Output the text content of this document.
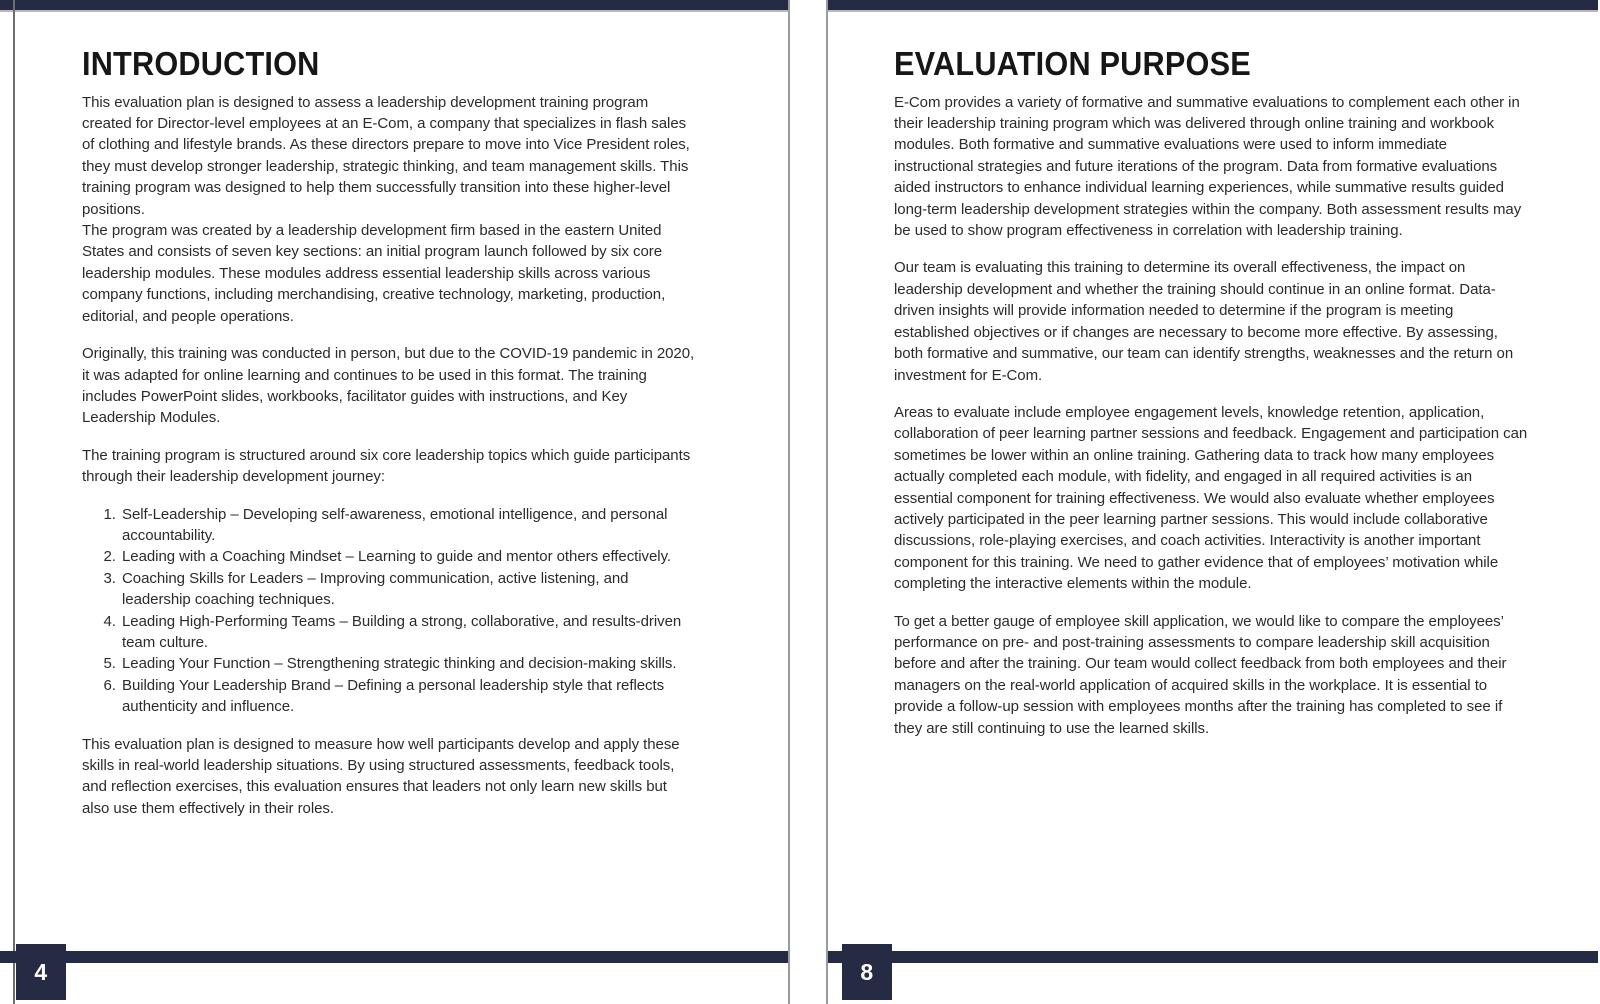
INTRODUCTION

This evaluation plan is designed to assess a leadership development training program created for Director-level employees at an E-Com, a company that specializes in flash sales of clothing and lifestyle brands. As these directors prepare to move into Vice President roles, they must develop stronger leadership, strategic thinking, and team management skills. This training program was designed to help them successfully transition into these higher-level positions.

The program was created by a leadership development firm based in the eastern United States and consists of seven key sections: an initial program launch followed by six core leadership modules. These modules address essential leadership skills across various company functions, including merchandising, creative technology, marketing, production, editorial, and people operations.

Originally, this training was conducted in person, but due to the COVID-19 pandemic in 2020, it was adapted for online learning and continues to be used in this format. The training includes PowerPoint slides, workbooks, facilitator guides with instructions, and Key Leadership Modules.

The training program is structured around six core leadership topics which guide participants through their leadership development journey:

1. Self-Leadership – Developing self-awareness, emotional intelligence, and personal accountability.
2. Leading with a Coaching Mindset – Learning to guide and mentor others effectively.
3. Coaching Skills for Leaders – Improving communication, active listening, and leadership coaching techniques.
4. Leading High-Performing Teams – Building a strong, collaborative, and results-driven team culture.
5. Leading Your Function – Strengthening strategic thinking and decision-making skills.
6. Building Your Leadership Brand – Defining a personal leadership style that reflects authenticity and influence.

This evaluation plan is designed to measure how well participants develop and apply these skills in real-world leadership situations. By using structured assessments, feedback tools, and reflection exercises, this evaluation ensures that leaders not only learn new skills but also use them effectively in their roles.

4
EVALUATION PURPOSE

E-Com provides a variety of formative and summative evaluations to complement each other in their leadership training program which was delivered through online training and workbook modules. Both formative and summative evaluations were used to inform immediate instructional strategies and future iterations of the program. Data from formative evaluations aided instructors to enhance individual learning experiences, while summative results guided long-term leadership development strategies within the company. Both assessment results may be used to show program effectiveness in correlation with leadership training.

Our team is evaluating this training to determine its overall effectiveness, the impact on leadership development and whether the training should continue in an online format. Data-driven insights will provide information needed to determine if the program is meeting established objectives or if changes are necessary to become more effective. By assessing, both formative and summative, our team can identify strengths, weaknesses and the return on investment for E-Com.

Areas to evaluate include employee engagement levels, knowledge retention, application, collaboration of peer learning partner sessions and feedback. Engagement and participation can sometimes be lower within an online training. Gathering data to track how many employees actually completed each module, with fidelity, and engaged in all required activities is an essential component for training effectiveness. We would also evaluate whether employees actively participated in the peer learning partner sessions. This would include collaborative discussions, role-playing exercises, and coach activities. Interactivity is another important component for this training. We need to gather evidence that of employees’ motivation while completing the interactive elements within the module.

To get a better gauge of employee skill application, we would like to compare the employees’ performance on pre- and post-training assessments to compare leadership skill acquisition before and after the training. Our team would collect feedback from both employees and their managers on the real-world application of acquired skills in the workplace. It is essential to provide a follow-up session with employees months after the training has completed to see if they are still continuing to use the learned skills.

8
